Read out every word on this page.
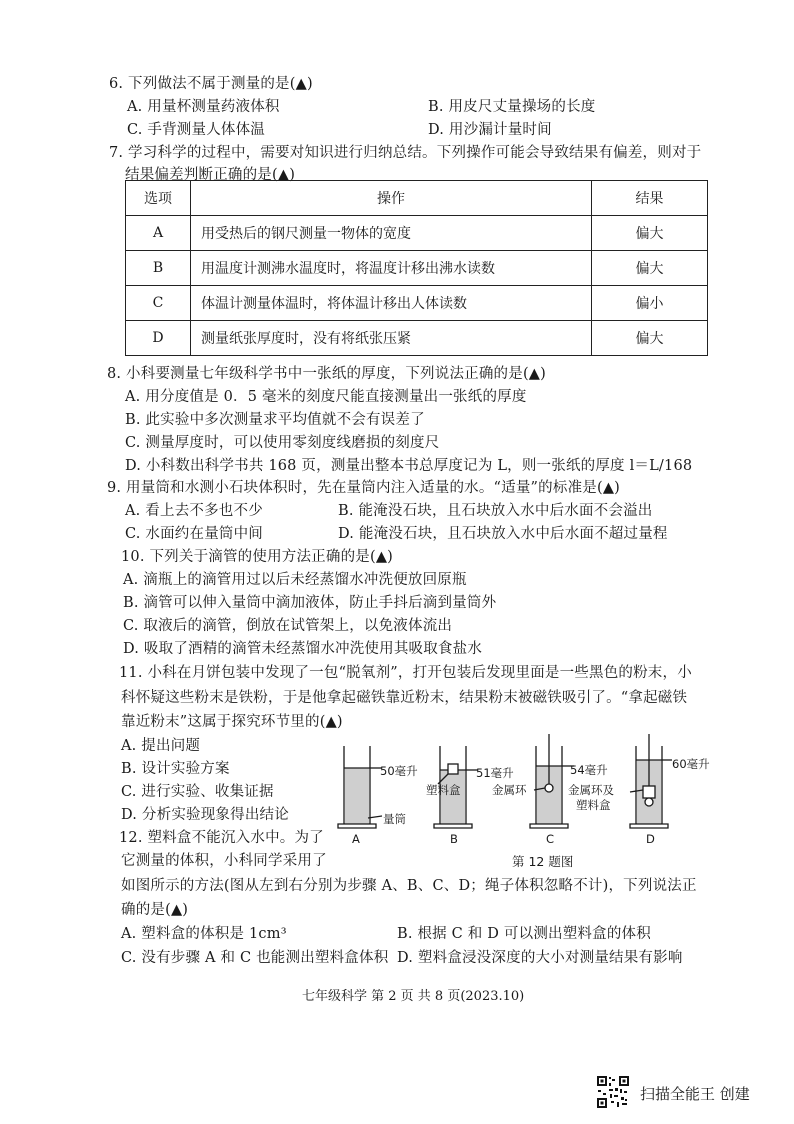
6. 下列做法不属于测量的是(▲)
A. 用量杯测量药液体积	B. 用皮尺丈量操场的长度
C. 手背测量人体体温	D. 用沙漏计量时间
7. 学习科学的过程中，需要对知识进行归纳总结。下列操作可能会导致结果有偏差，则对于
结果偏差判断正确的是(▲)
选项	操作	结果
A	用受热后的钢尺测量一物体的宽度	偏大
B	用温度计测沸水温度时，将温度计移出沸水读数	偏大
C	体温计测量体温时，将体温计移出人体读数	偏小
D	测量纸张厚度时，没有将纸张压紧	偏大
8. 小科要测量七年级科学书中一张纸的厚度，下列说法正确的是(▲)
A. 用分度值是 0．5 毫米的刻度尺能直接测量出一张纸的厚度
B. 此实验中多次测量求平均值就不会有误差了
C. 测量厚度时，可以使用零刻度线磨损的刻度尺
D. 小科数出科学书共 168 页，测量出整本书总厚度记为 L，则一张纸的厚度 l＝L/168
9. 用量筒和水测小石块体积时，先在量筒内注入适量的水。“适量”的标准是(▲)
A. 看上去不多也不少	B. 能淹没石块，且石块放入水中后水面不会溢出
C. 水面约在量筒中间	D. 能淹没石块，且石块放入水中后水面不超过量程
10. 下列关于滴管的使用方法正确的是(▲)
A. 滴瓶上的滴管用过以后未经蒸馏水冲洗便放回原瓶
B. 滴管可以伸入量筒中滴加液体，防止手抖后滴到量筒外
C. 取液后的滴管，倒放在试管架上，以免液体流出
D. 吸取了酒精的滴管未经蒸馏水冲洗使用其吸取食盐水
11. 小科在月饼包装中发现了一包“脱氧剂”，打开包装后发现里面是一些黑色的粉末，小
科怀疑这些粉末是铁粉，于是他拿起磁铁靠近粉末，结果粉末被磁铁吸引了。“拿起磁铁
靠近粉末”这属于探究环节里的(▲)
A. 提出问题
B. 设计实验方案
C. 进行实验、收集证据
D. 分析实验现象得出结论
12. 塑料盒不能沉入水中。为了
它测量的体积，小科同学采用了
如图所示的方法(图从左到右分别为步骤 A、B、C、D；绳子体积忽略不计)，下列说法正
确的是(▲)
A. 塑料盒的体积是 1cm³	B. 根据 C 和 D 可以测出塑料盒的体积
C. 没有步骤 A 和 C 也能测出塑料盒体积 D. 塑料盒浸没深度的大小对测量结果有影响
50毫升
量筒
51毫升
塑料盒
54毫升
金属环
60毫升
金属环及
塑料盒
A	B	C	D
第 12 题图
七年级科学 第 2 页 共 8 页(2023.10)
扫描全能王 创建
